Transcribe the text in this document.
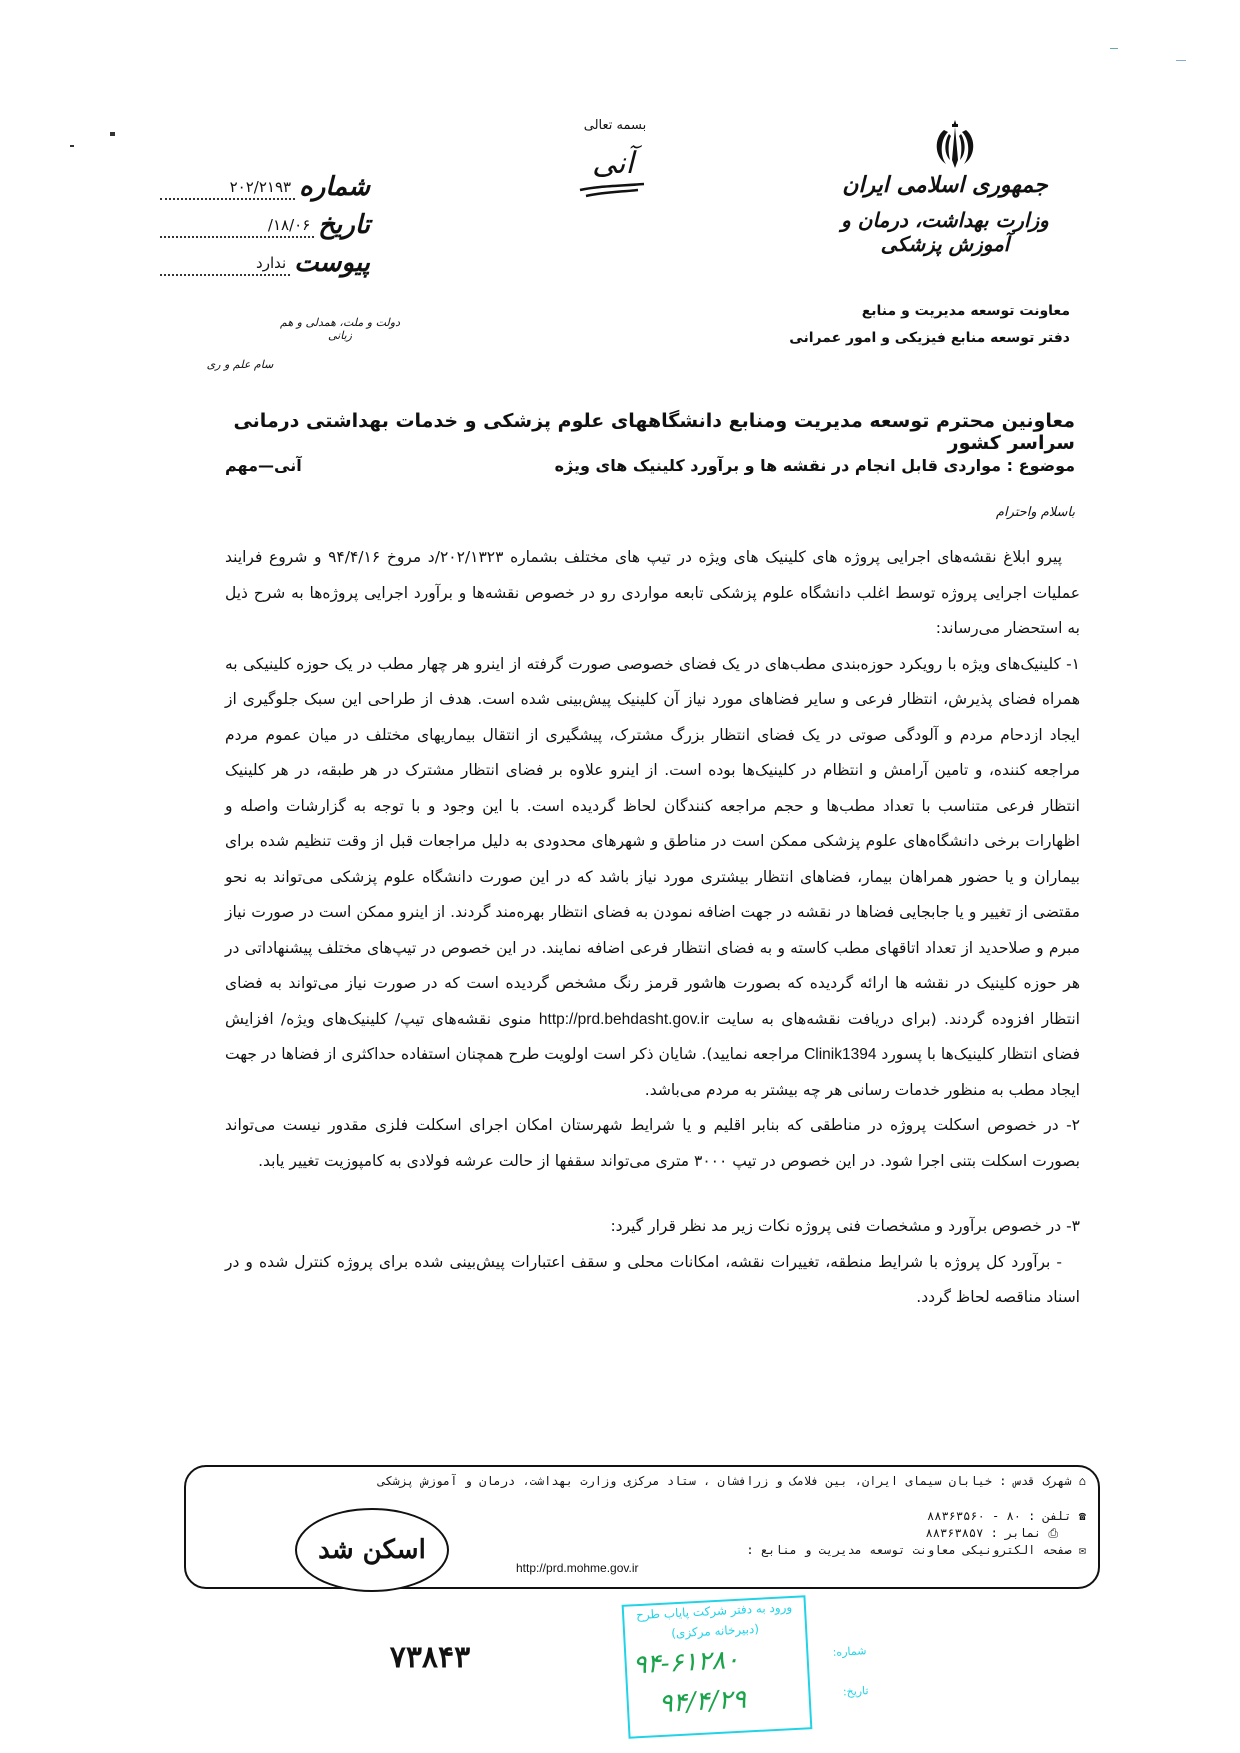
جمهوری اسلامی ایران
وزارت بهداشت، درمان و آموزش پزشکی
معاونت توسعه مدیریت و منابع
دفتر توسعه منابع فیزیکی و امور عمرانی
بسمه تعالی
آنی
شماره
۲۰۲/۲۱۹۳
تاریخ
۱۸/۰۶/
پیوست
ندارد
دولت و ملت، همدلی و هم زبانی
سام علم و ری
معاونین محترم توسعه مدیریت ومنابع دانشگاههای علوم پزشکی و خدمات بهداشتی درمانی سراسر کشور
موضوع : مواردی قابل انجام در نقشه ها و برآورد کلینیک های ویژه
آنی—مهم
باسلام واحترام

پیرو ابلاغ نقشه‌های اجرایی پروژه های کلینیک های ویژه در تیپ های مختلف بشماره ۲۰۲/۱۳۲۳/د مروخ ۹۴/۴/۱۶ و شروع فرایند عملیات اجرایی پروژه توسط اغلب دانشگاه علوم پزشکی تابعه مواردی رو در خصوص نقشه‌ها و برآورد اجرایی پروژه‌ها به شرح ذیل به استحضار می‌رساند:

۱- کلینیک‌های ویژه با رویکرد حوزه‌بندی مطب‌های در یک فضای خصوصی صورت گرفته از اینرو هر چهار مطب در یک حوزه کلینیکی به همراه فضای پذیرش، انتظار فرعی و سایر فضاهای مورد نیاز آن کلینیک پیش‌بینی شده است. هدف از طراحی این سبک جلوگیری از ایجاد ازدحام مردم و آلودگی صوتی در یک فضای انتظار بزرگ مشترک، پیشگیری از انتقال بیماریهای مختلف در میان عموم مردم مراجعه کننده، و تامین آرامش و انتظام در کلینیک‌ها بوده است. از اینرو علاوه بر فضای انتظار مشترک در هر طبقه، در هر کلینیک انتظار فرعی متناسب با تعداد مطب‌ها و حجم مراجعه کنندگان لحاظ گردیده است. با این وجود و با توجه به گزارشات واصله و اظهارات برخی دانشگاه‌های علوم پزشکی ممکن است در مناطق و شهرهای محدودی به دلیل مراجعات قبل از وقت تنظیم شده برای بیماران و یا حضور همراهان بیمار، فضاهای انتظار بیشتری مورد نیاز باشد که در این صورت دانشگاه علوم پزشکی می‌تواند به نحو مقتضی از تغییر و یا جابجایی فضاها در نقشه در جهت اضافه نمودن به فضای انتظار بهره‌مند گردند. از اینرو ممکن است در صورت نیاز مبرم و صلاحدید از تعداد اتاقهای مطب کاسته و به فضای انتظار فرعی اضافه نمایند. در این خصوص در تیپ‌های مختلف پیشنهاداتی در هر حوزه کلینیک در نقشه ها ارائه گردیده که بصورت هاشور قرمز رنگ مشخص گردیده است که در صورت نیاز می‌تواند به فضای انتظار افزوده گردند. (برای دریافت نقشه‌های به سایت http://prd.behdasht.gov.ir منوی نقشه‌های تیپ/ کلینیک‌های ویژه/ افزایش فضای انتظار کلینیک‌ها با پسورد Clinik1394 مراجعه نمایید). شایان ذکر است اولویت طرح همچنان استفاده حداکثری از فضاها در جهت ایجاد مطب به منظور خدمات رسانی هر چه بیشتر به مردم می‌باشد.

۲- در خصوص اسکلت پروژه در مناطقی که بنابر اقلیم و یا شرایط شهرستان امکان اجرای اسکلت فلزی مقدور نیست می‌تواند بصورت اسکلت بتنی اجرا شود. در این خصوص در تیپ ۳۰۰۰ متری می‌تواند سقفها از حالت عرشه فولادی به کامپوزیت تغییر یابد.

۳- در خصوص برآورد و مشخصات فنی پروژه نکات زیر مد نظر قرار گیرد:

- برآورد کل پروژه با شرایط منطقه، تغییرات نقشه، امکانات محلی و سقف اعتبارات پیش‌بینی شده برای پروژه کنترل شده و در اسناد مناقصه لحاظ گردد.

⌂ شهرک قدس : خیابان سیمای ایران، بین فلامک و زرافشان ، ستاد مرکزی وزارت بهداشت، درمان و آموزش پزشکی
☎ تلفن : ۸۰ - ۸۸۳۶۳۵۶۰
⎙ نمابر : ۸۸۳۶۳۸۵۷
✉ صفحه الکترونیکی معاونت توسعه مدیریت و منابع :
http://prd.mohme.gov.ir
اسکن شد
۷۳۸۴۳
ورود به دفتر شرکت پایاب طرح
(دبیرخانه مرکزی)
شماره:
۹۴-۶۱۲۸۰
تاریخ:
۹۴/۴/۲۹
